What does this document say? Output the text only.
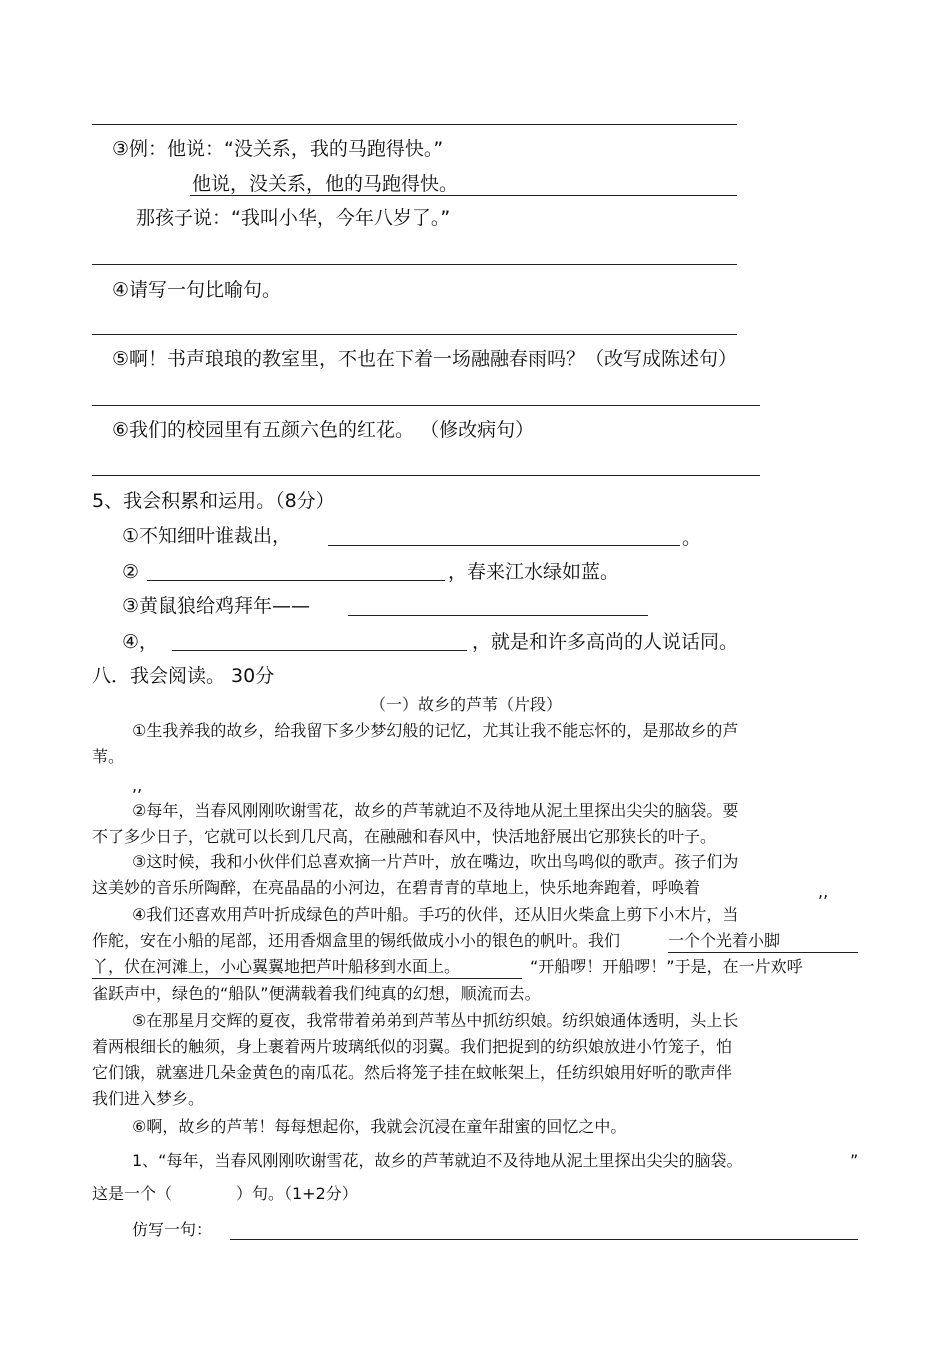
③例：他说：“没关系，我的马跑得快。”
他说，没关系，他的马跑得快。
那孩子说：“我叫小华，今年八岁了。”
④请写一句比喻句。
⑤啊！书声琅琅的教室里，不也在下着一场融融春雨吗？（改写成陈述句）
⑥我们的校园里有五颜六色的红花。 （修改病句）
5、我会积累和运用。（8分）
①不知细叶谁裁出，	。
②	，春来江水绿如蓝。
③黄鼠狼给鸡拜年——
④，	，就是和许多高尚的人说话同。
八．我会阅读。 30分
（一）故乡的芦苇（片段）
①生我养我的故乡，给我留下多少梦幻般的记忆，尤其让我不能忘怀的，是那故乡的芦
苇。
,,
②每年，当春风刚刚吹谢雪花，故乡的芦苇就迫不及待地从泥土里探出尖尖的脑袋。要
不了多少日子，它就可以长到几尺高，在融融和春风中，快活地舒展出它那狭长的叶子。
③这时候，我和小伙伴们总喜欢摘一片芦叶，放在嘴边，吹出鸟鸣似的歌声。孩子们为
这美妙的音乐所陶醉，在亮晶晶的小河边，在碧青青的草地上，快乐地奔跑着，呼唤着	,,
④我们还喜欢用芦叶折成绿色的芦叶船。手巧的伙伴，还从旧火柴盒上剪下小木片，当
作舵，安在小船的尾部，还用香烟盒里的锡纸做成小小的银色的帆叶。我们	一个个光着小脚
丫，伏在河滩上，小心翼翼地把芦叶船移到水面上。	“开船啰！开船啰！”于是，在一片欢呼
雀跃声中，绿色的“船队”便满载着我们纯真的幻想，顺流而去。
⑤在那星月交辉的夏夜，我常带着弟弟到芦苇丛中抓纺织娘。纺织娘通体透明，头上长
着两根细长的触须，身上裹着两片玻璃纸似的羽翼。我们把捉到的纺织娘放进小竹笼子，怕
它们饿，就塞进几朵金黄色的南瓜花。然后将笼子挂在蚊帐架上，任纺织娘用好听的歌声伴
我们进入梦乡。
⑥啊，故乡的芦苇！每每想起你，我就会沉浸在童年甜蜜的回忆之中。
1、“每年，当春风刚刚吹谢雪花，故乡的芦苇就迫不及待地从泥土里探出尖尖的脑袋。	”
这是一个（　　　　）句。（1+2分）
仿写一句：
